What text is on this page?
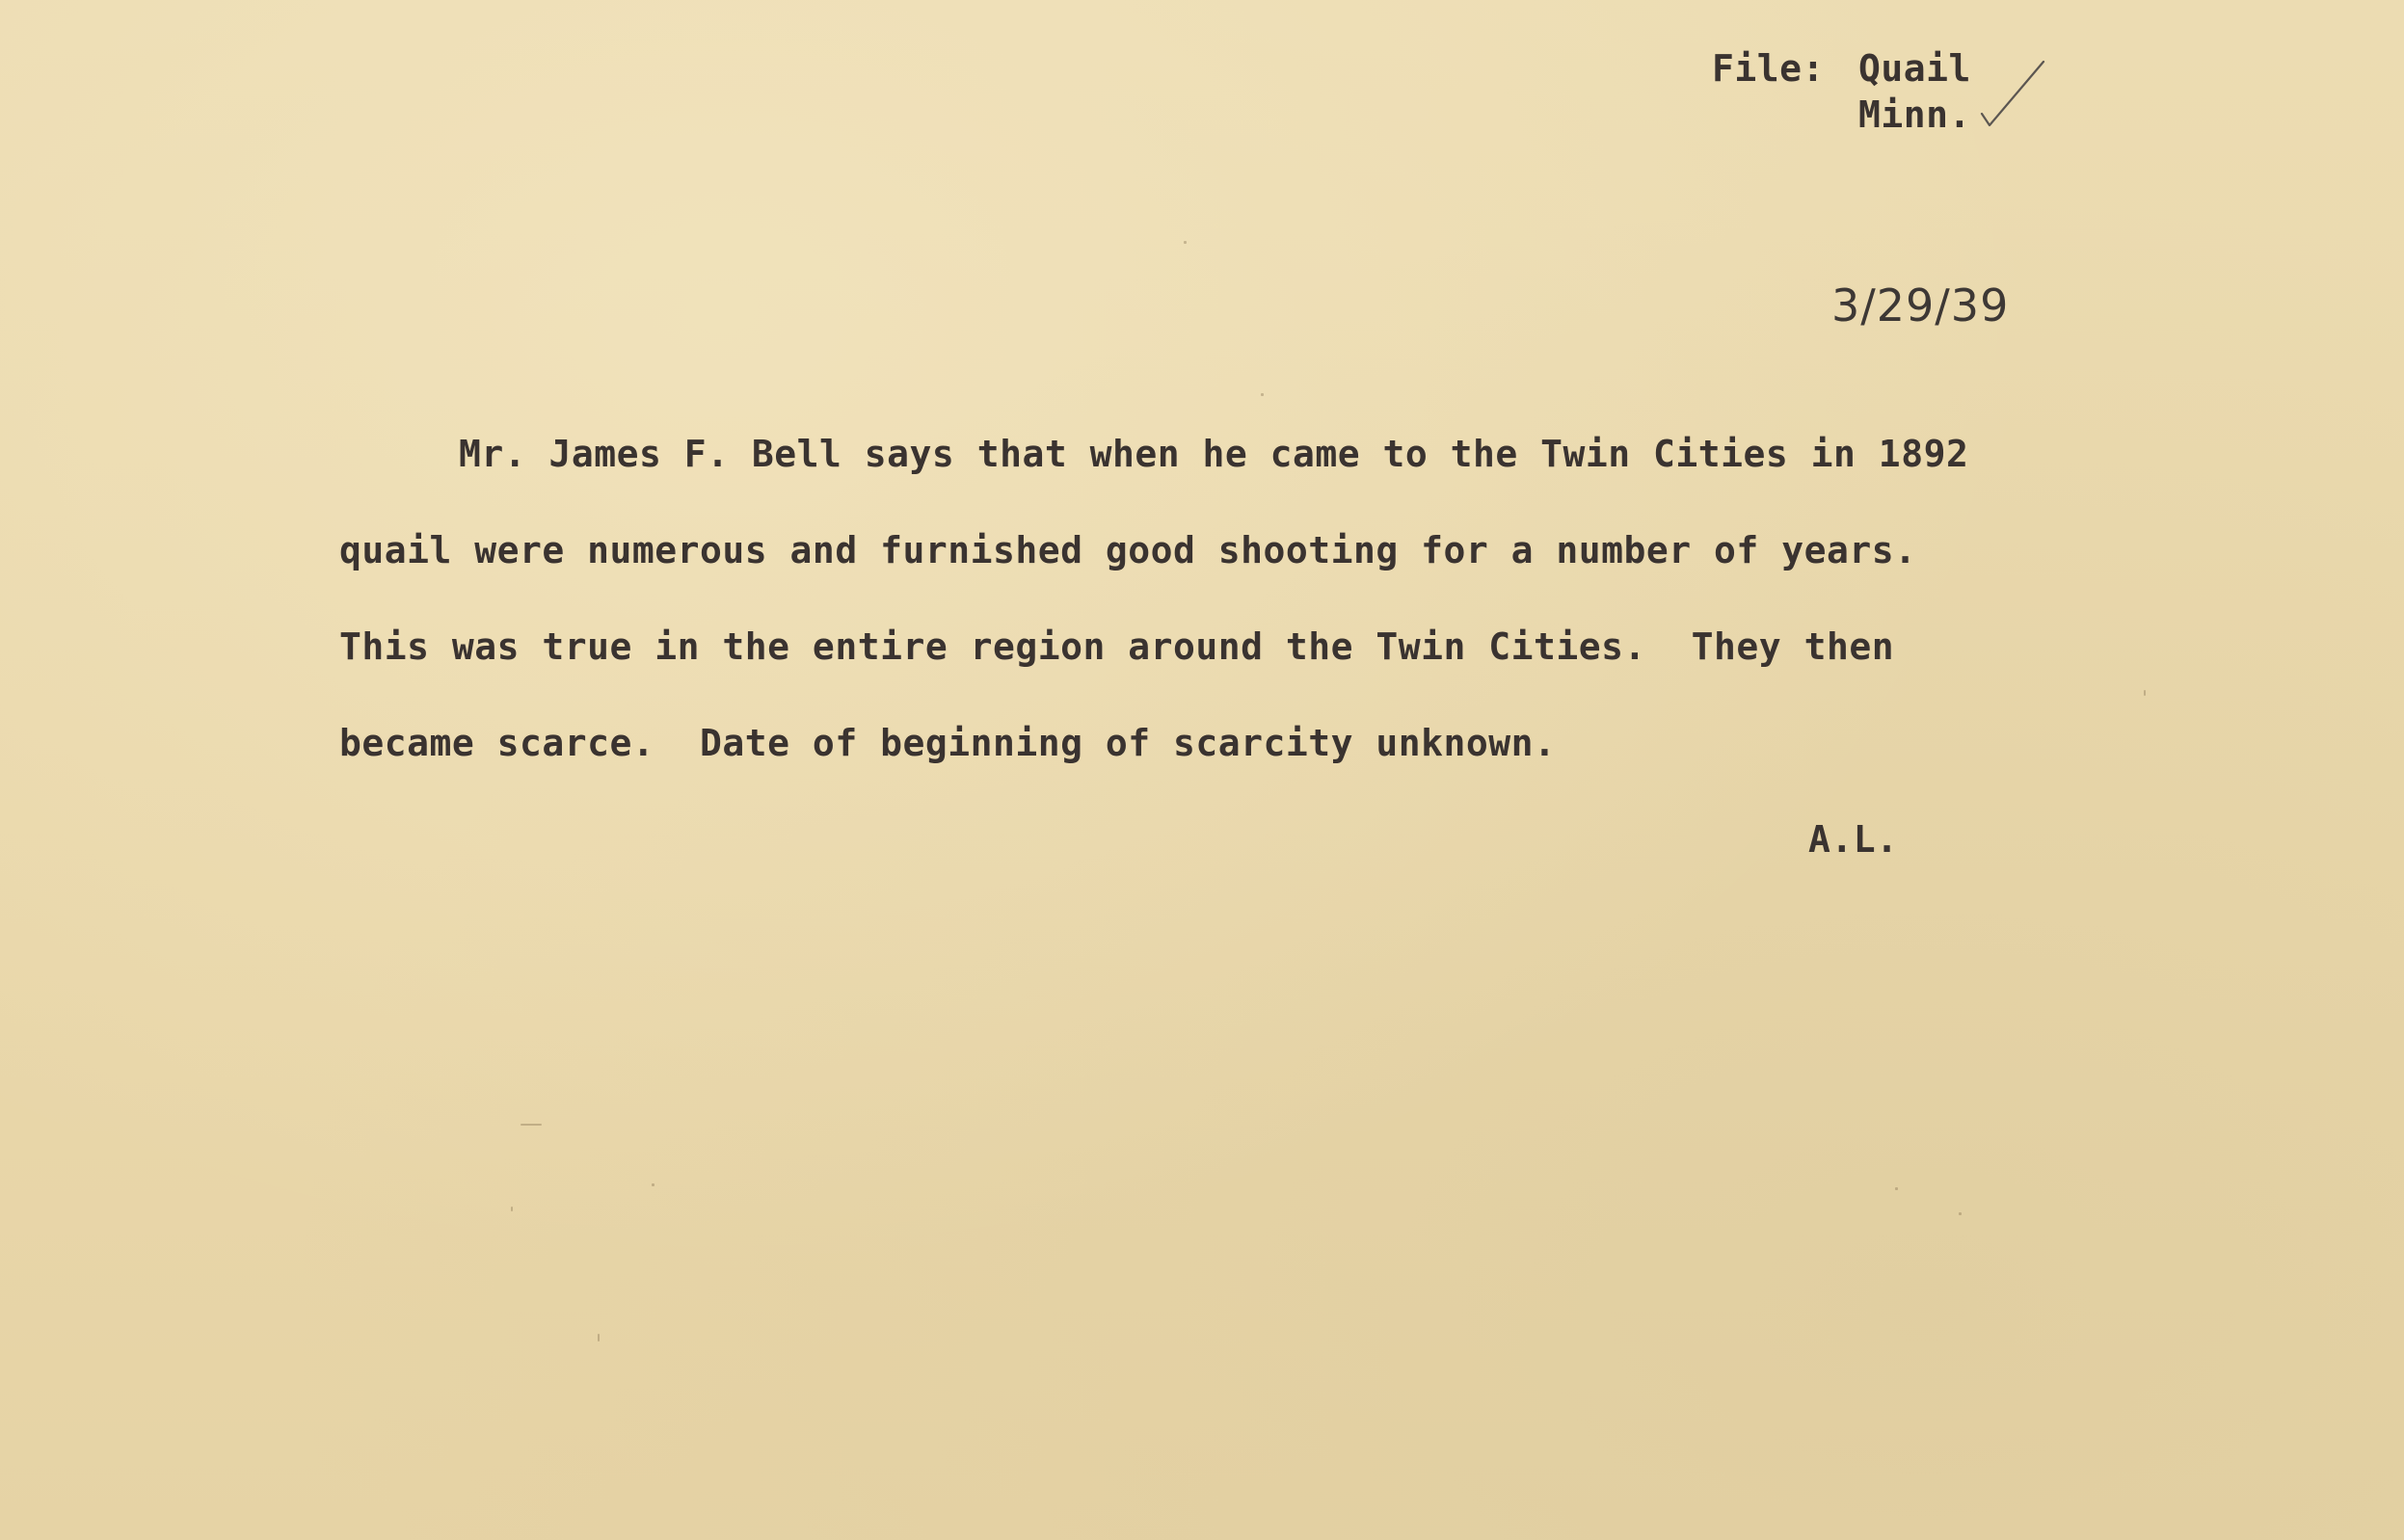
File: Quail
Minn.
3/29/39
Mr. James F. Bell says that when he came to the Twin Cities in 1892
quail were numerous and furnished good shooting for a number of years.
This was true in the entire region around the Twin Cities.  They then
became scarce.  Date of beginning of scarcity unknown.
A.L.
